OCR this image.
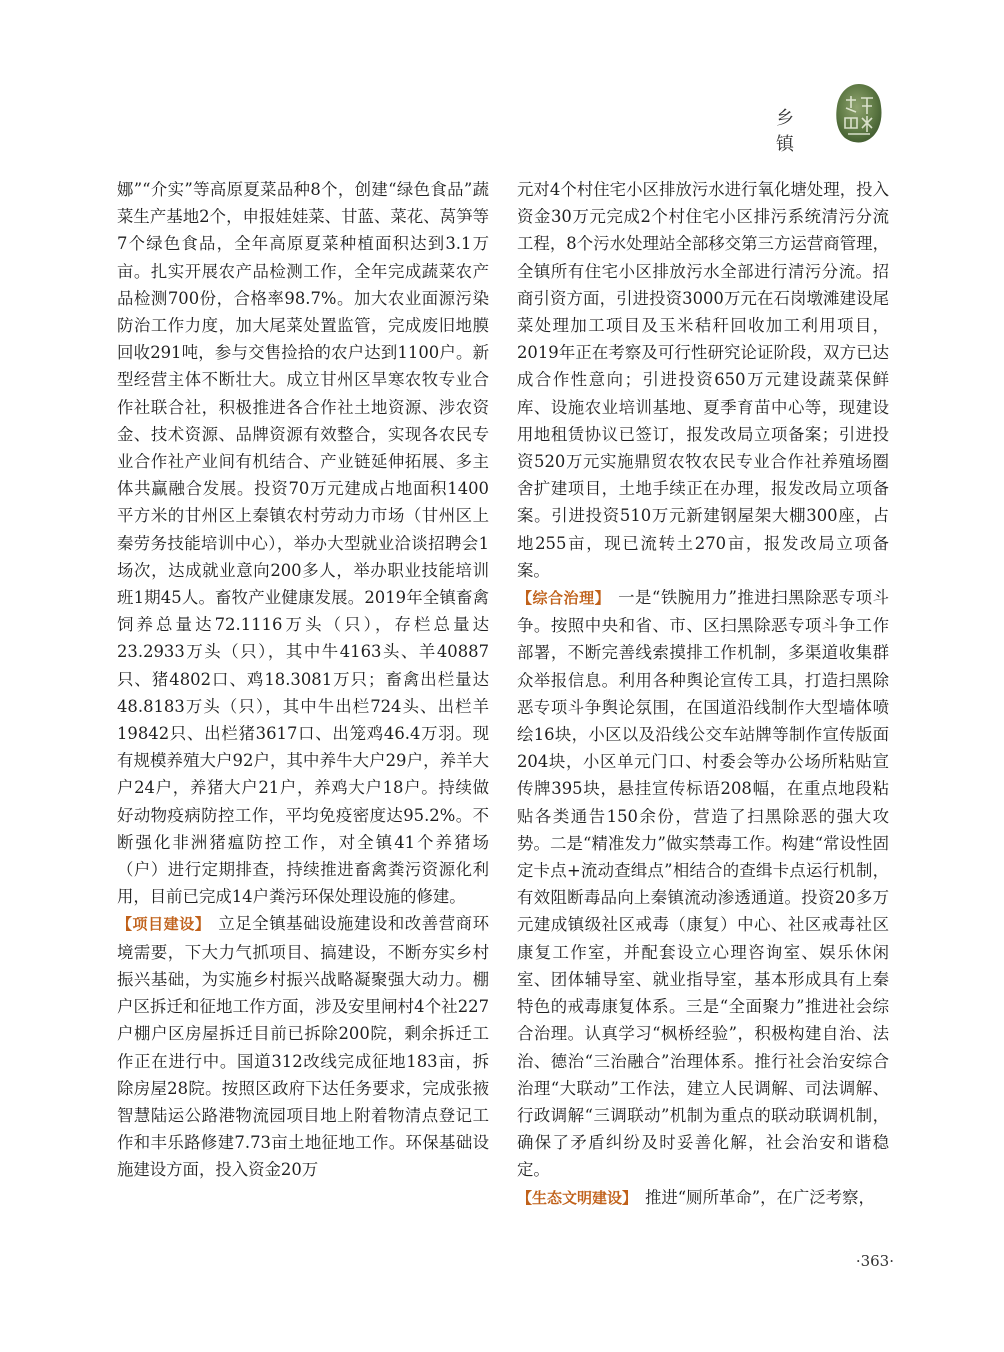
乡 镇

娜”“介实”等高原夏菜品种8个，创建“绿色食品”蔬菜生产基地2个，申报娃娃菜、甘蓝、菜花、莴笋等7个绿色食品，全年高原夏菜种植面积达到3.1万亩。扎实开展农产品检测工作，全年完成蔬菜农产品检测700份，合格率98.7%。加大农业面源污染防治工作力度，加大尾菜处置监管，完成废旧地膜回收291吨，参与交售捡拾的农户达到1100户。新型经营主体不断壮大。成立甘州区旱寒农牧专业合作社联合社，积极推进各合作社土地资源、涉农资金、技术资源、品牌资源有效整合，实现各农民专业合作社产业间有机结合、产业链延伸拓展、多主体共赢融合发展。投资70万元建成占地面积1400平方米的甘州区上秦镇农村劳动力市场（甘州区上秦劳务技能培训中心），举办大型就业洽谈招聘会1场次，达成就业意向200多人，举办职业技能培训班1期45人。畜牧产业健康发展。2019年全镇畜禽饲养总量达72.1116万头（只），存栏总量达23.2933万头（只），其中牛4163头、羊40887只、猪4802口、鸡18.3081万只；畜禽出栏量达48.8183万头（只），其中牛出栏724头、出栏羊19842只、出栏猪3617口、出笼鸡46.4万羽。现有规模养殖大户92户，其中养牛大户29户，养羊大户24户，养猪大户21户，养鸡大户18户。持续做好动物疫病防控工作，平均免疫密度达95.2%。不断强化非洲猪瘟防控工作，对全镇41个养猪场（户）进行定期排查，持续推进畜禽粪污资源化利用，目前已完成14户粪污环保处理设施的修建。

【项目建设】 立足全镇基础设施建设和改善营商环境需要，下大力气抓项目、搞建设，不断夯实乡村振兴基础，为实施乡村振兴战略凝聚强大动力。棚户区拆迁和征地工作方面，涉及安里闸村4个社227户棚户区房屋拆迁目前已拆除200院，剩余拆迁工作正在进行中。国道312改线完成征地183亩，拆除房屋28院。按照区政府下达任务要求，完成张掖智慧陆运公路港物流园项目地上附着物清点登记工作和丰乐路修建7.73亩土地征地工作。环保基础设施建设方面，投入资金20万

元对4个村住宅小区排放污水进行氧化塘处理，投入资金30万元完成2个村住宅小区排污系统清污分流工程，8个污水处理站全部移交第三方运营商管理，全镇所有住宅小区排放污水全部进行清污分流。招商引资方面，引进投资3000万元在石岗墩滩建设尾菜处理加工项目及玉米秸秆回收加工利用项目，2019年正在考察及可行性研究论证阶段，双方已达成合作性意向；引进投资650万元建设蔬菜保鲜库、设施农业培训基地、夏季育苗中心等，现建设用地租赁协议已签订，报发改局立项备案；引进投资520万元实施鼎贸农牧农民专业合作社养殖场圈舍扩建项目，土地手续正在办理，报发改局立项备案。引进投资510万元新建钢屋架大棚300座，占地255亩，现已流转土270亩，报发改局立项备案。

【综合治理】 一是“铁腕用力”推进扫黑除恶专项斗争。按照中央和省、市、区扫黑除恶专项斗争工作部署，不断完善线索摸排工作机制，多渠道收集群众举报信息。利用各种舆论宣传工具，打造扫黑除恶专项斗争舆论氛围，在国道沿线制作大型墙体喷绘16块，小区以及沿线公交车站牌等制作宣传版面204块，小区单元门口、村委会等办公场所粘贴宣传牌395块，悬挂宣传标语208幅，在重点地段粘贴各类通告150余份，营造了扫黑除恶的强大攻势。二是“精准发力”做实禁毒工作。构建“常设性固定卡点+流动查缉点”相结合的查缉卡点运行机制，有效阻断毒品向上秦镇流动渗透通道。投资20多万元建成镇级社区戒毒（康复）中心、社区戒毒社区康复工作室，并配套设立心理咨询室、娱乐休闲室、团体辅导室、就业指导室，基本形成具有上秦特色的戒毒康复体系。三是“全面聚力”推进社会综合治理。认真学习“枫桥经验”，积极构建自治、法治、德治“三治融合”治理体系。推行社会治安综合治理“大联动”工作法，建立人民调解、司法调解、行政调解“三调联动”机制为重点的联动联调机制，确保了矛盾纠纷及时妥善化解，社会治安和谐稳定。

【生态文明建设】 推进“厕所革命”，在广泛考察，

·363·
